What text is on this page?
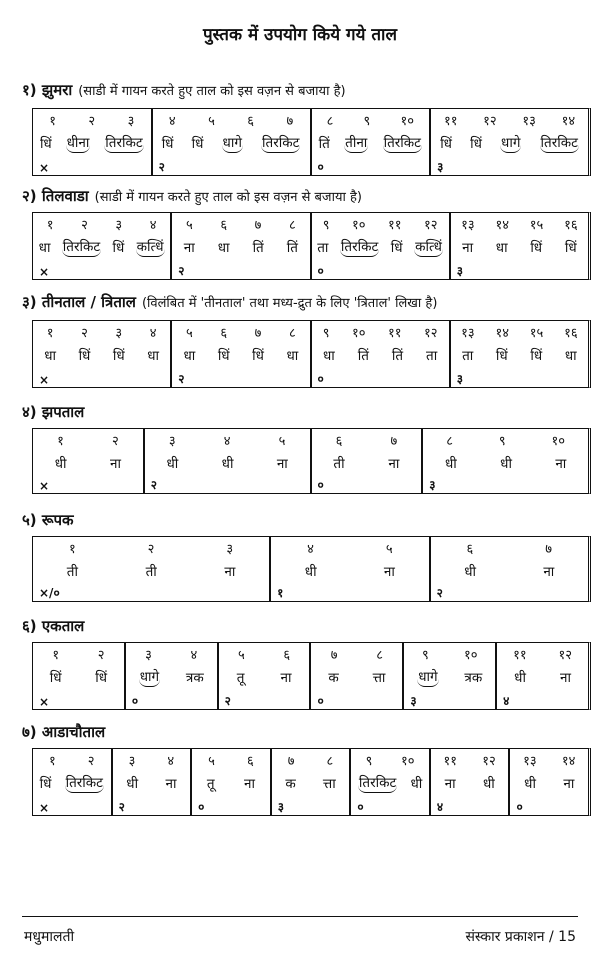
पुस्तक में उपयोग किये गये ताल
१) झुमरा (साडी में गायन करते हुए ताल को इस वज़न से बजाया है)
१ २ ३
धिं धीना तिरकिट
×
४ ५ ६ ७
धिं धिं धागे तिरकिट
२
८ ९ १०
तिं तीना तिरकिट
०
११ १२ १३ १४
धिं धिं धागे तिरकिट
३
२) तिलवाडा (साडी में गायन करते हुए ताल को इस वज़न से बजाया है)
१ २ ३ ४
धा तिरकिट धिं कत्धिं
×
५ ६ ७ ८
ना धा तिं तिं
२
९ १० ११ १२
ता तिरकिट धिं कत्धिं
०
१३ १४ १५ १६
ना धा धिं धिं
३
३) तीनताल / त्रिताल (विलंबित में 'तीनताल' तथा मध्य-द्रुत के लिए 'त्रिताल' लिखा है)
१ २ ३ ४
धा धिं धिं धा
×
५ ६ ७ ८
धा धिं धिं धा
२
९ १० ११ १२
धा तिं तिं ता
०
१३ १४ १५ १६
ता धिं धिं धा
३
४) झपताल
१	२
धी	ना
×
३	४	५
धी	धी	ना
२
६	७
ती	ना
०
८	९	१०
धी	धी	ना
३
५) रूपक
१	२	३
ती	ती	ना
×/०
४	५
धी	ना
१
६	७
धी	ना
२
६) एकताल
१	२
धिं धिं
×
३	४
धागे त्रक
०
५	६
तू	ना
२
७	८
क	त्ता
०
९	१०
धागे त्रक
३
११ १२
धी	ना
४
७) आडाचौताल
१ २
धिं तिरकिट
×
३ ४
धी ना
२
५ ६
तू ना
०
७ ८
क त्ता
३
९ १०
तिरकिट धी
०
११ १२
ना धी
४
१३ १४
धी ना
०
मधुमालती	संस्कार प्रकाशन / 15
